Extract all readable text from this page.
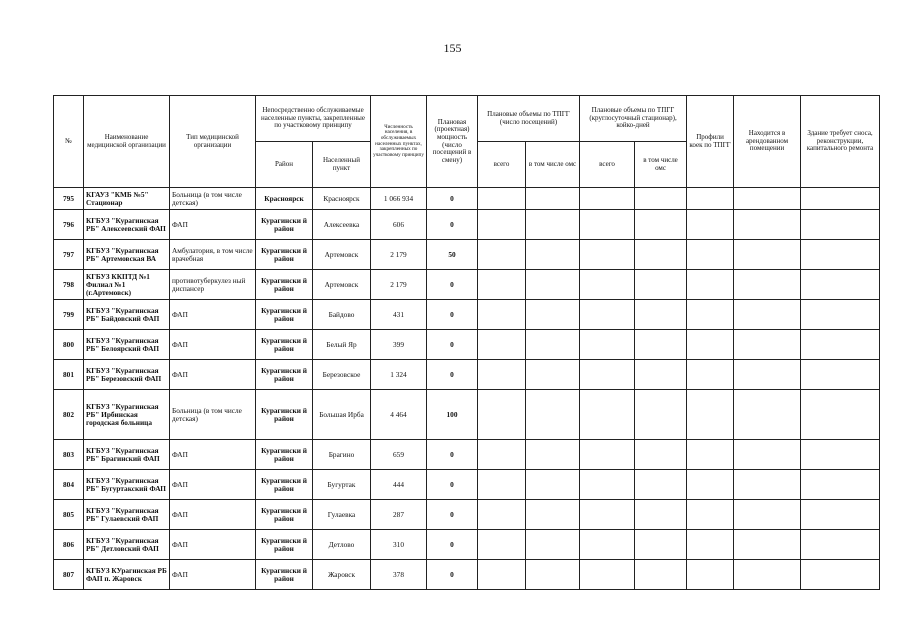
155
№	Наименование медицинской организации	Тип медицинской организации	Непосредственно обслуживаемые населенные пункты, закрепленные по участковому принципу		Численность населения, в обслуживаемых населенных пунктах, закрепленных по участковому принципу	Плановая (проектная) мощность (число посещений в смену)	Плановые объемы по ТПГГ (число посещений)		Плановые объемы по ТПГГ (круглосуточный стационар), койко-дней		Профили коек по ТПГГ	Находится в арендованном помещении	Здание требует сноса, реконструкции, капитального ремонта
			Район	Населенный пункт			всего	в том числе омс	всего	в том числе омс			
795	КГАУЗ "КМБ №5" Стационар	Больница (в том числе детская)	Красноярск	Красноярск	1 066 934	0							
796	КГБУЗ "Курагинская РБ" Алексеевский ФАП	ФАП	Курагински й район	Алексеевка	606	0							
797	КГБУЗ "Курагинская РБ" Артемовская ВА	Амбулатория, в том числе врачебная	Курагински й район	Артемовск	2 179	50							
798	КГБУЗ ККПТД №1 Филиал №1 (г.Артемовск)	противотуберкулез ный диспансер	Курагински й район	Артемовск	2 179	0							
799	КГБУЗ "Курагинская РБ" Байдовский ФАП	ФАП	Курагински й район	Байдово	431	0							
800	КГБУЗ "Курагинская РБ" Белоярский ФАП	ФАП	Курагински й район	Белый Яр	399	0							
801	КГБУЗ "Курагинская РБ" Березовский ФАП	ФАП	Курагински й район	Березовское	1 324	0							
802	КГБУЗ "Курагинская РБ" Ирбинская городская больница	Больница (в том числе детская)	Курагински й район	Большая Ирба	4 464	100							
803	КГБУЗ "Курагинская РБ" Брагинский ФАП	ФАП	Курагински й район	Брагино	659	0							
804	КГБУЗ "Курагинская РБ" Бугуртакский ФАП	ФАП	Курагински й район	Бугуртак	444	0							
805	КГБУЗ "Курагинская РБ" Гулаевский ФАП	ФАП	Курагински й район	Гулаевка	287	0							
806	КГБУЗ "Курагинская РБ" Детловский ФАП	ФАП	Курагински й район	Детлово	310	0							
807	КГБУЗ КУрагинская РБ ФАП п. Жаровск	ФАП	Курагински й район	Жаровск	378	0							
